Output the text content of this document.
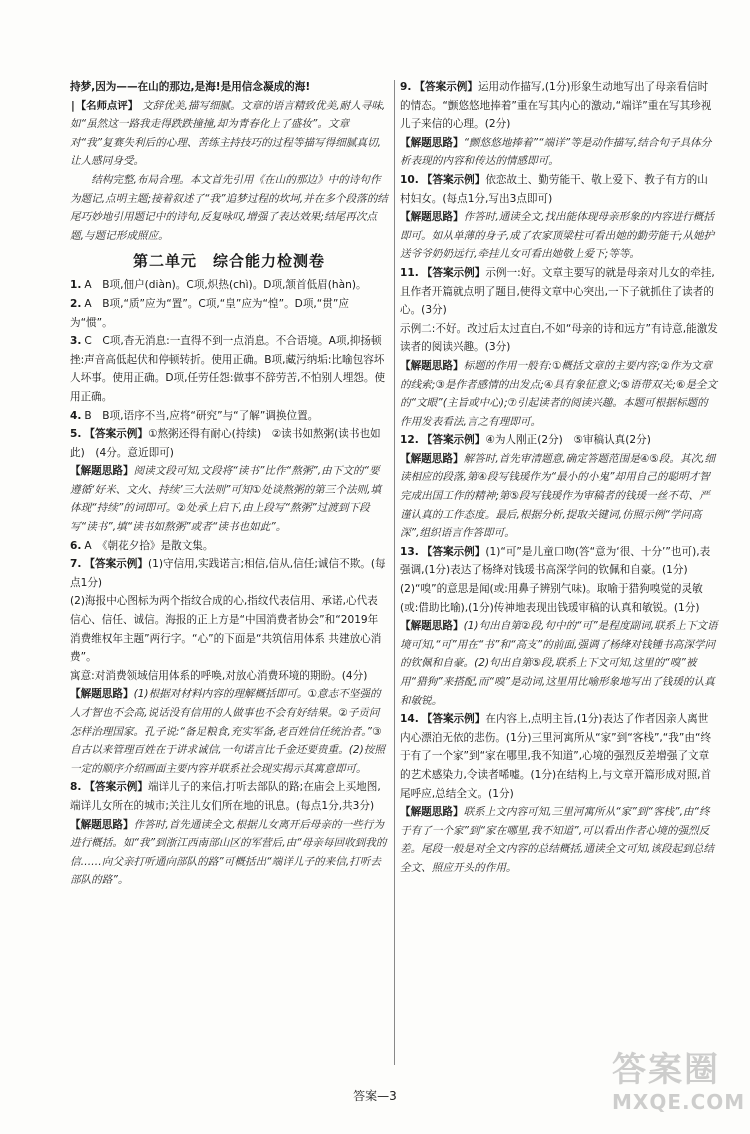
持梦,因为——在山的那边,是海!是用信念凝成的海!

| 【名师点评】 文辞优美,描写细腻。文章的语言精致优美,耐人寻味,如“虽然这一路我走得跌跌撞撞,却为青春化上了盛妆”。文章对“我”复赛失利后的心理、苦练主持技巧的过程等描写得细腻真切,让人感同身受。

结构完整,布局合理。本文首先引用《在山的那边》中的诗句作为题记,点明主题;接着叙述了“我”追梦过程的坎坷,并在多个段落的结尾巧妙地引用题记中的诗句,反复咏叹,增强了表达效果;结尾再次点题,与题记形成照应。

第二单元　综合能力检测卷

1. A　B项,佃户(diàn)。C项,炽热(chì)。D项,颔首低眉(hàn)。

2. A　B项,“质”应为“置”。C项,“皇”应为“惶”。D项,“贯”应为“惯”。

3. C　C项,杳无消息:一直得不到一点消息。不合语境。A项,抑扬顿挫:声音高低起伏和停顿转折。使用正确。B项,藏污纳垢:比喻包容坏人坏事。使用正确。D项,任劳任怨:做事不辞劳苦,不怕别人埋怨。使用正确。

4. B　B项,语序不当,应将“研究”与“了解”调换位置。

5. 【答案示例】①熬粥还得有耐心(持续)　②读书如熬粥(读书也如此)　(4分。意近即可)

【解题思路】阅读文段可知,文段将“读书”比作“熬粥”,由下文的“要遵循‘好米、文火、持续’三大法则”可知①处谈熬粥的第三个法则,填体现“持续”的词即可。②处承上启下,由上段写“熬粥”过渡到下段写“读书”,填“读书如熬粥”或者“读书也如此”。

6. A　《朝花夕拾》是散文集。

7. 【答案示例】(1)守信用,实践诺言;相信,信从,信任;诚信不欺。(每点1分)

(2)海报中心图标为两个指纹合成的心,指纹代表信用、承诺,心代表信心、信任、诚信。海报的正上方是“中国消费者协会”和“2019年消费维权年主题”两行字。“心”的下面是“共筑信用体系 共建放心消费”。

寓意:对消费领域信用体系的呼唤,对放心消费环境的期盼。(4分)

【解题思路】(1)根据对材料内容的理解概括即可。①意志不坚强的人才智也不会高,说话没有信用的人做事也不会有好结果。②子贡问怎样治理国家。孔子说:“备足粮食,充实军备,老百姓信任统治者。”③自古以来管理百姓在于讲求诚信,一句诺言比千金还要贵重。(2)按照一定的顺序介绍画面主要内容并联系社会现实揭示其寓意即可。

8. 【答案示例】端详儿子的来信,打听去部队的路;在庙会上买地图,端详儿女所在的城市;关注儿女们所在地的讯息。(每点1分,共3分)

【解题思路】作答时,首先通读全文,根据儿女离开后母亲的一些行为进行概括。如“我”到浙江西南部山区的军营后,由“母亲每回收到我的信……向父亲打听通向部队的路”可概括出“端详儿子的来信,打听去部队的路”。

9. 【答案示例】运用动作描写,(1分)形象生动地写出了母亲看信时的情态。“颤悠悠地捧着”重在写其内心的激动,“端详”重在写其珍视儿子来信的心理。(2分)

【解题思路】“颤悠悠地捧着”“端详”等是动作描写,结合句子具体分析表现的内容和传达的情感即可。

10. 【答案示例】依恋故土、勤劳能干、敬上爱下、教子有方的山村妇女。(每点1分,写出3点即可)

【解题思路】作答时,通读全文,找出能体现母亲形象的内容进行概括即可。如从单薄的身子,成了农家顶梁柱可看出她的勤劳能干;从她护送爷爷奶奶远行,牵挂儿女可看出她敬上爱下;等等。

11. 【答案示例】示例一:好。文章主要写的就是母亲对儿女的牵挂,且作者开篇就点明了题目,使得文章中心突出,一下子就抓住了读者的心。(3分)

示例二:不好。改过后太过直白,不如“母亲的诗和远方”有诗意,能激发读者的阅读兴趣。(3分)

【解题思路】标题的作用一般有:①概括文章的主要内容;②作为文章的线索;③是作者感情的出发点;④具有象征意义;⑤语带双关;⑥是全文的“文眼”(主旨或中心);⑦引起读者的阅读兴趣。本题可根据标题的作用发表看法,言之有理即可。

12. 【答案示例】④为人刚正(2分)　⑤审稿认真(2分)

【解题思路】解答时,首先审清题意,确定答题范围是④⑤段。其次,细读相应的段落,第④段写钱瑗作为“最小的小鬼”却用自己的聪明才智完成出国工作的精神;第⑤段写钱瑗作为审稿者的钱瑗一丝不苟、严谨认真的工作态度。最后,根据分析,提取关键词,仿照示例“学问高深”,组织语言作答即可。

13. 【答案示例】(1)“可”是儿童口吻(答“意为‘很、十分’”也可),表强调,(1分)表达了杨绛对钱瑗书高深学问的钦佩和自豪。(1分)

(2)“嗅”的意思是闻(或:用鼻子辨别气味)。取喻于猎狗嗅觉的灵敏(或:借助比喻),(1分)传神地表现出钱瑗审稿的认真和敏锐。(1分)

【解题思路】(1)句出自第②段,句中的“可”是程度副词,联系上下文语境可知,“可”用在“书”和“高支”的前面,强调了杨绛对钱锺书高深学问的钦佩和自豪。(2)句出自第⑤段,联系上下文可知,这里的“嗅”被用“猎狗”来搭配,而“嗅”是动词,这里用比喻形象地写出了钱瑗的认真和敏锐。

14. 【答案示例】在内容上,点明主旨,(1分)表达了作者因亲人离世内心漂泊无依的悲伤。(1分)三里河寓所从“家”到“客栈”,“我”由“终于有了一个家”到“家在哪里,我不知道”,心境的强烈反差增强了文章的艺术感染力,令读者唏嘘。(1分)在结构上,与文章开篇形成对照,首尾呼应,总结全文。(1分)

【解题思路】联系上文内容可知,三里河寓所从“家”到“客栈”,由“终于有了一个家”到“家在哪里,我不知道”,可以看出作者心境的强烈反差。尾段一般是对全文内容的总结概括,通读全文可知,该段起到总结全文、照应开头的作用。

答案—3
答案圈
MXQE.COM
